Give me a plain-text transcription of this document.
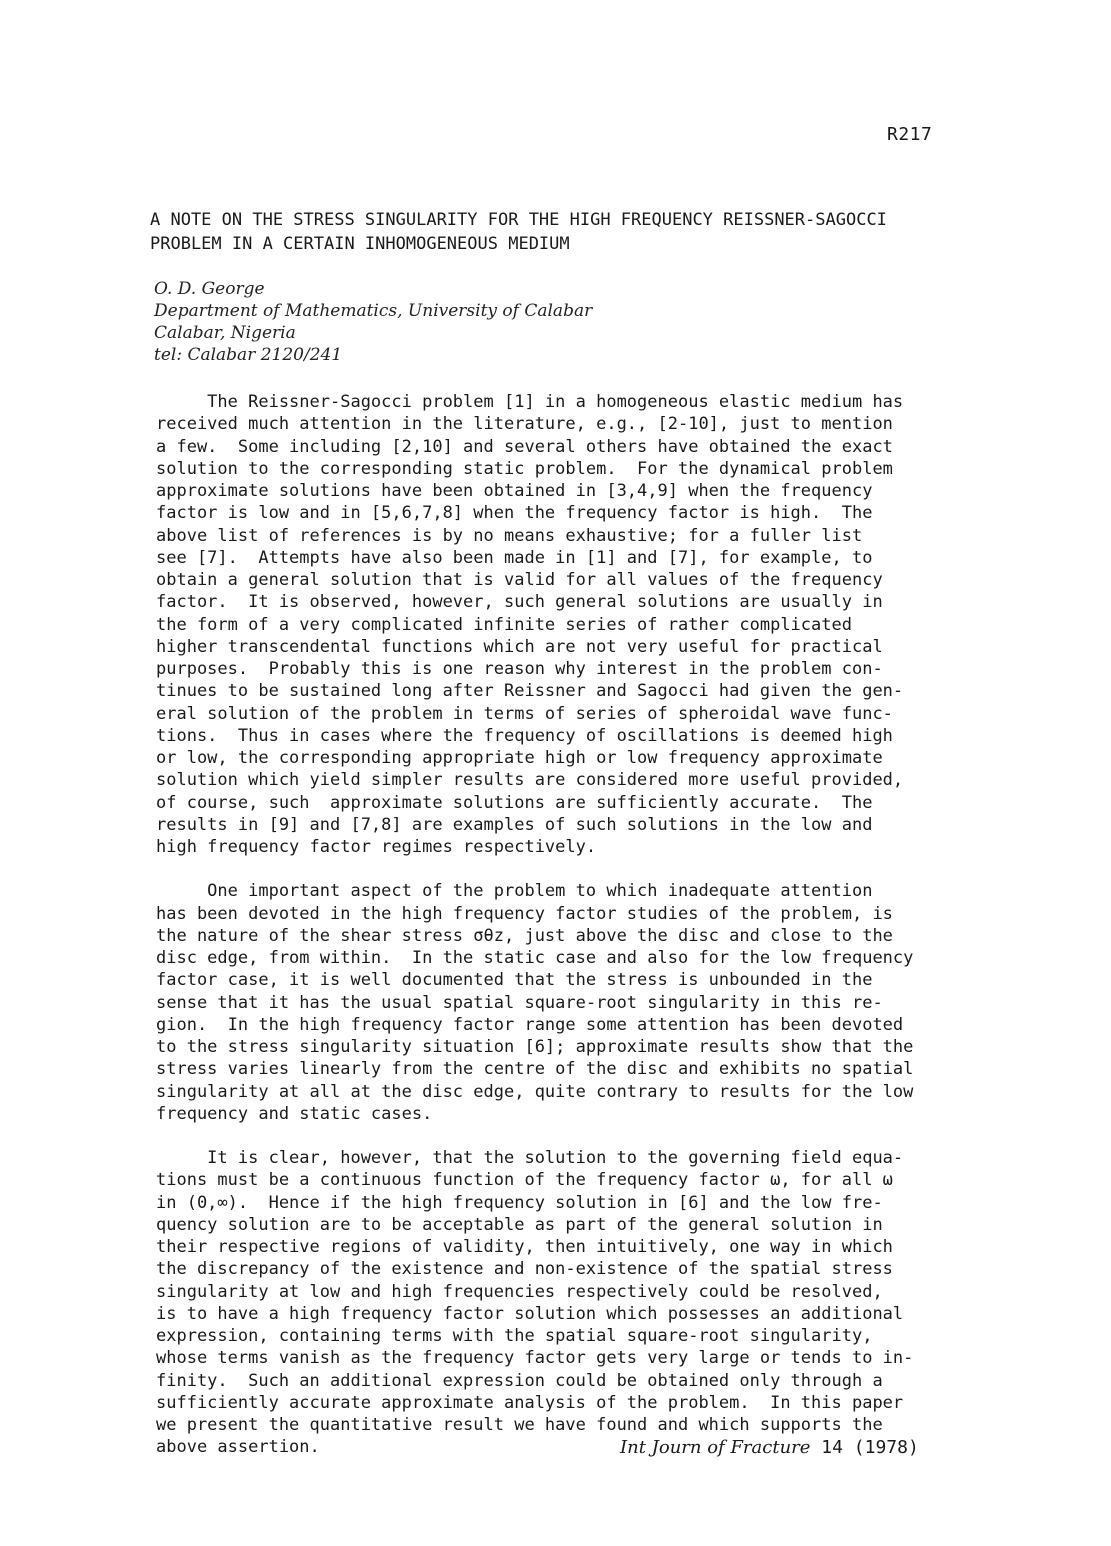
R217
A NOTE ON THE STRESS SINGULARITY FOR THE HIGH FREQUENCY REISSNER-SAGOCCI
PROBLEM IN A CERTAIN INHOMOGENEOUS MEDIUM
O. D. George
Department of Mathematics, University of Calabar
Calabar, Nigeria
tel: Calabar 2120/241
The Reissner-Sagocci problem [1] in a homogeneous elastic medium has
received much attention in the literature, e.g., [2-10], just to mention
a few.  Some including [2,10] and several others have obtained the exact
solution to the corresponding static problem.  For the dynamical problem
approximate solutions have been obtained in [3,4,9] when the frequency
factor is low and in [5,6,7,8] when the frequency factor is high.  The
above list of references is by no means exhaustive; for a fuller list
see [7].  Attempts have also been made in [1] and [7], for example, to
obtain a general solution that is valid for all values of the frequency
factor.  It is observed, however, such general solutions are usually in
the form of a very complicated infinite series of rather complicated
higher transcendental functions which are not very useful for practical
purposes.  Probably this is one reason why interest in the problem con-
tinues to be sustained long after Reissner and Sagocci had given the gen-
eral solution of the problem in terms of series of spheroidal wave func-
tions.  Thus in cases where the frequency of oscillations is deemed high
or low, the corresponding appropriate high or low frequency approximate
solution which yield simpler results are considered more useful provided,
of course, such  approximate solutions are sufficiently accurate.  The
results in [9] and [7,8] are examples of such solutions in the low and
high frequency factor regimes respectively.
One important aspect of the problem to which inadequate attention
has been devoted in the high frequency factor studies of the problem, is
the nature of the shear stress σθz, just above the disc and close to the
disc edge, from within.  In the static case and also for the low frequency
factor case, it is well documented that the stress is unbounded in the
sense that it has the usual spatial square-root singularity in this re-
gion.  In the high frequency factor range some attention has been devoted
to the stress singularity situation [6]; approximate results show that the
stress varies linearly from the centre of the disc and exhibits no spatial
singularity at all at the disc edge, quite contrary to results for the low
frequency and static cases.
It is clear, however, that the solution to the governing field equa-
tions must be a continuous function of the frequency factor ω, for all ω
in (0,∞).  Hence if the high frequency solution in [6] and the low fre-
quency solution are to be acceptable as part of the general solution in
their respective regions of validity, then intuitively, one way in which
the discrepancy of the existence and non-existence of the spatial stress
singularity at low and high frequencies respectively could be resolved,
is to have a high frequency factor solution which possesses an additional
expression, containing terms with the spatial square-root singularity,
whose terms vanish as the frequency factor gets very large or tends to in-
finity.  Such an additional expression could be obtained only through a
sufficiently accurate approximate analysis of the problem.  In this paper
we present the quantitative result we have found and which supports the
above assertion.	Int Journ of Fracture 14 (1978)
